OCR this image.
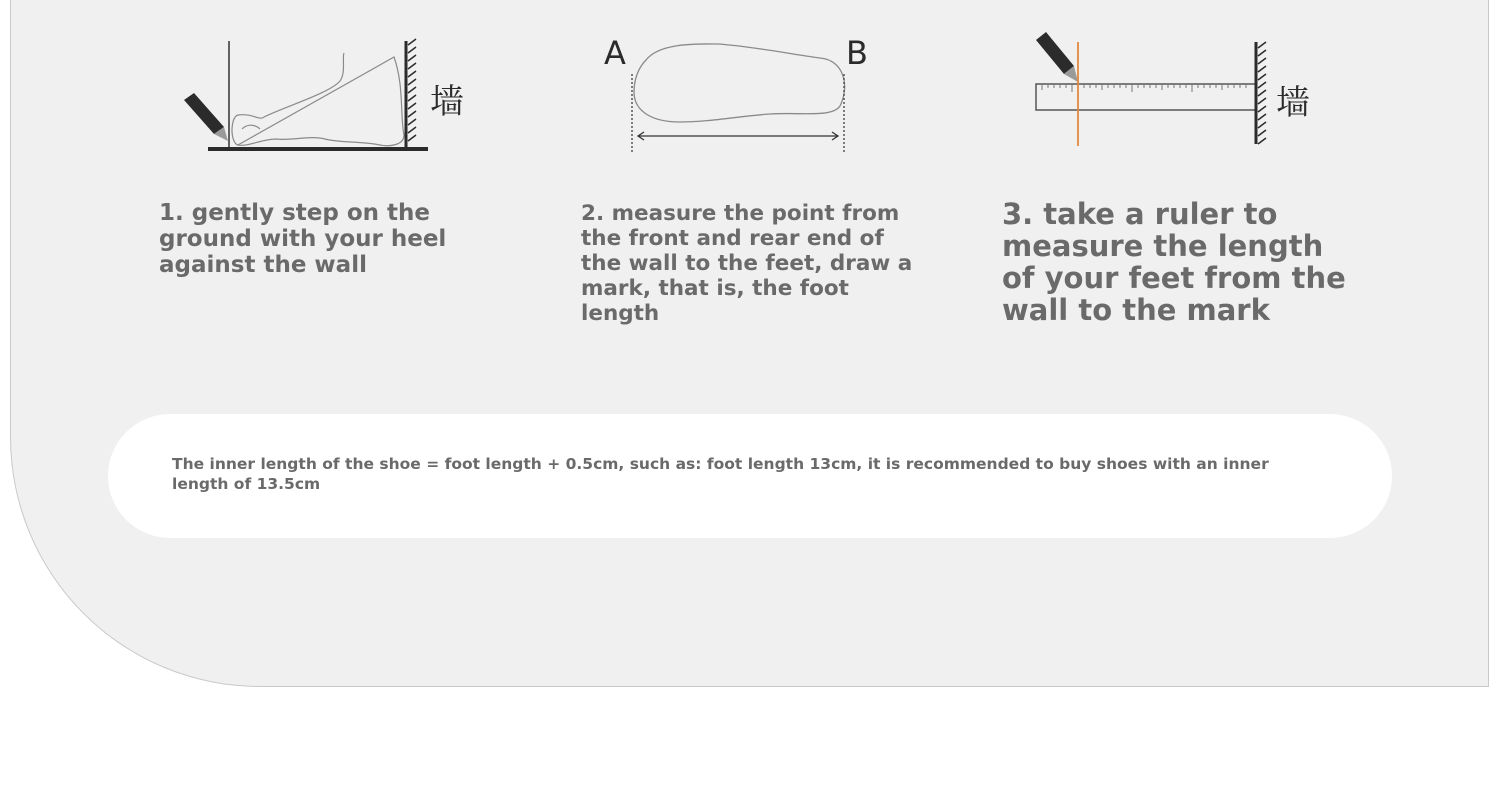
墙
A	B
墙

1. gently step on the ground with your heel against the wall

2. measure the point from the front and rear end of the wall to the feet, draw a mark, that is, the foot length

3. take a ruler to measure the length of your feet from the wall to the mark

The inner length of the shoe = foot length + 0.5cm, such as: foot length 13cm, it is recommended to buy shoes with an inner length of 13.5cm
